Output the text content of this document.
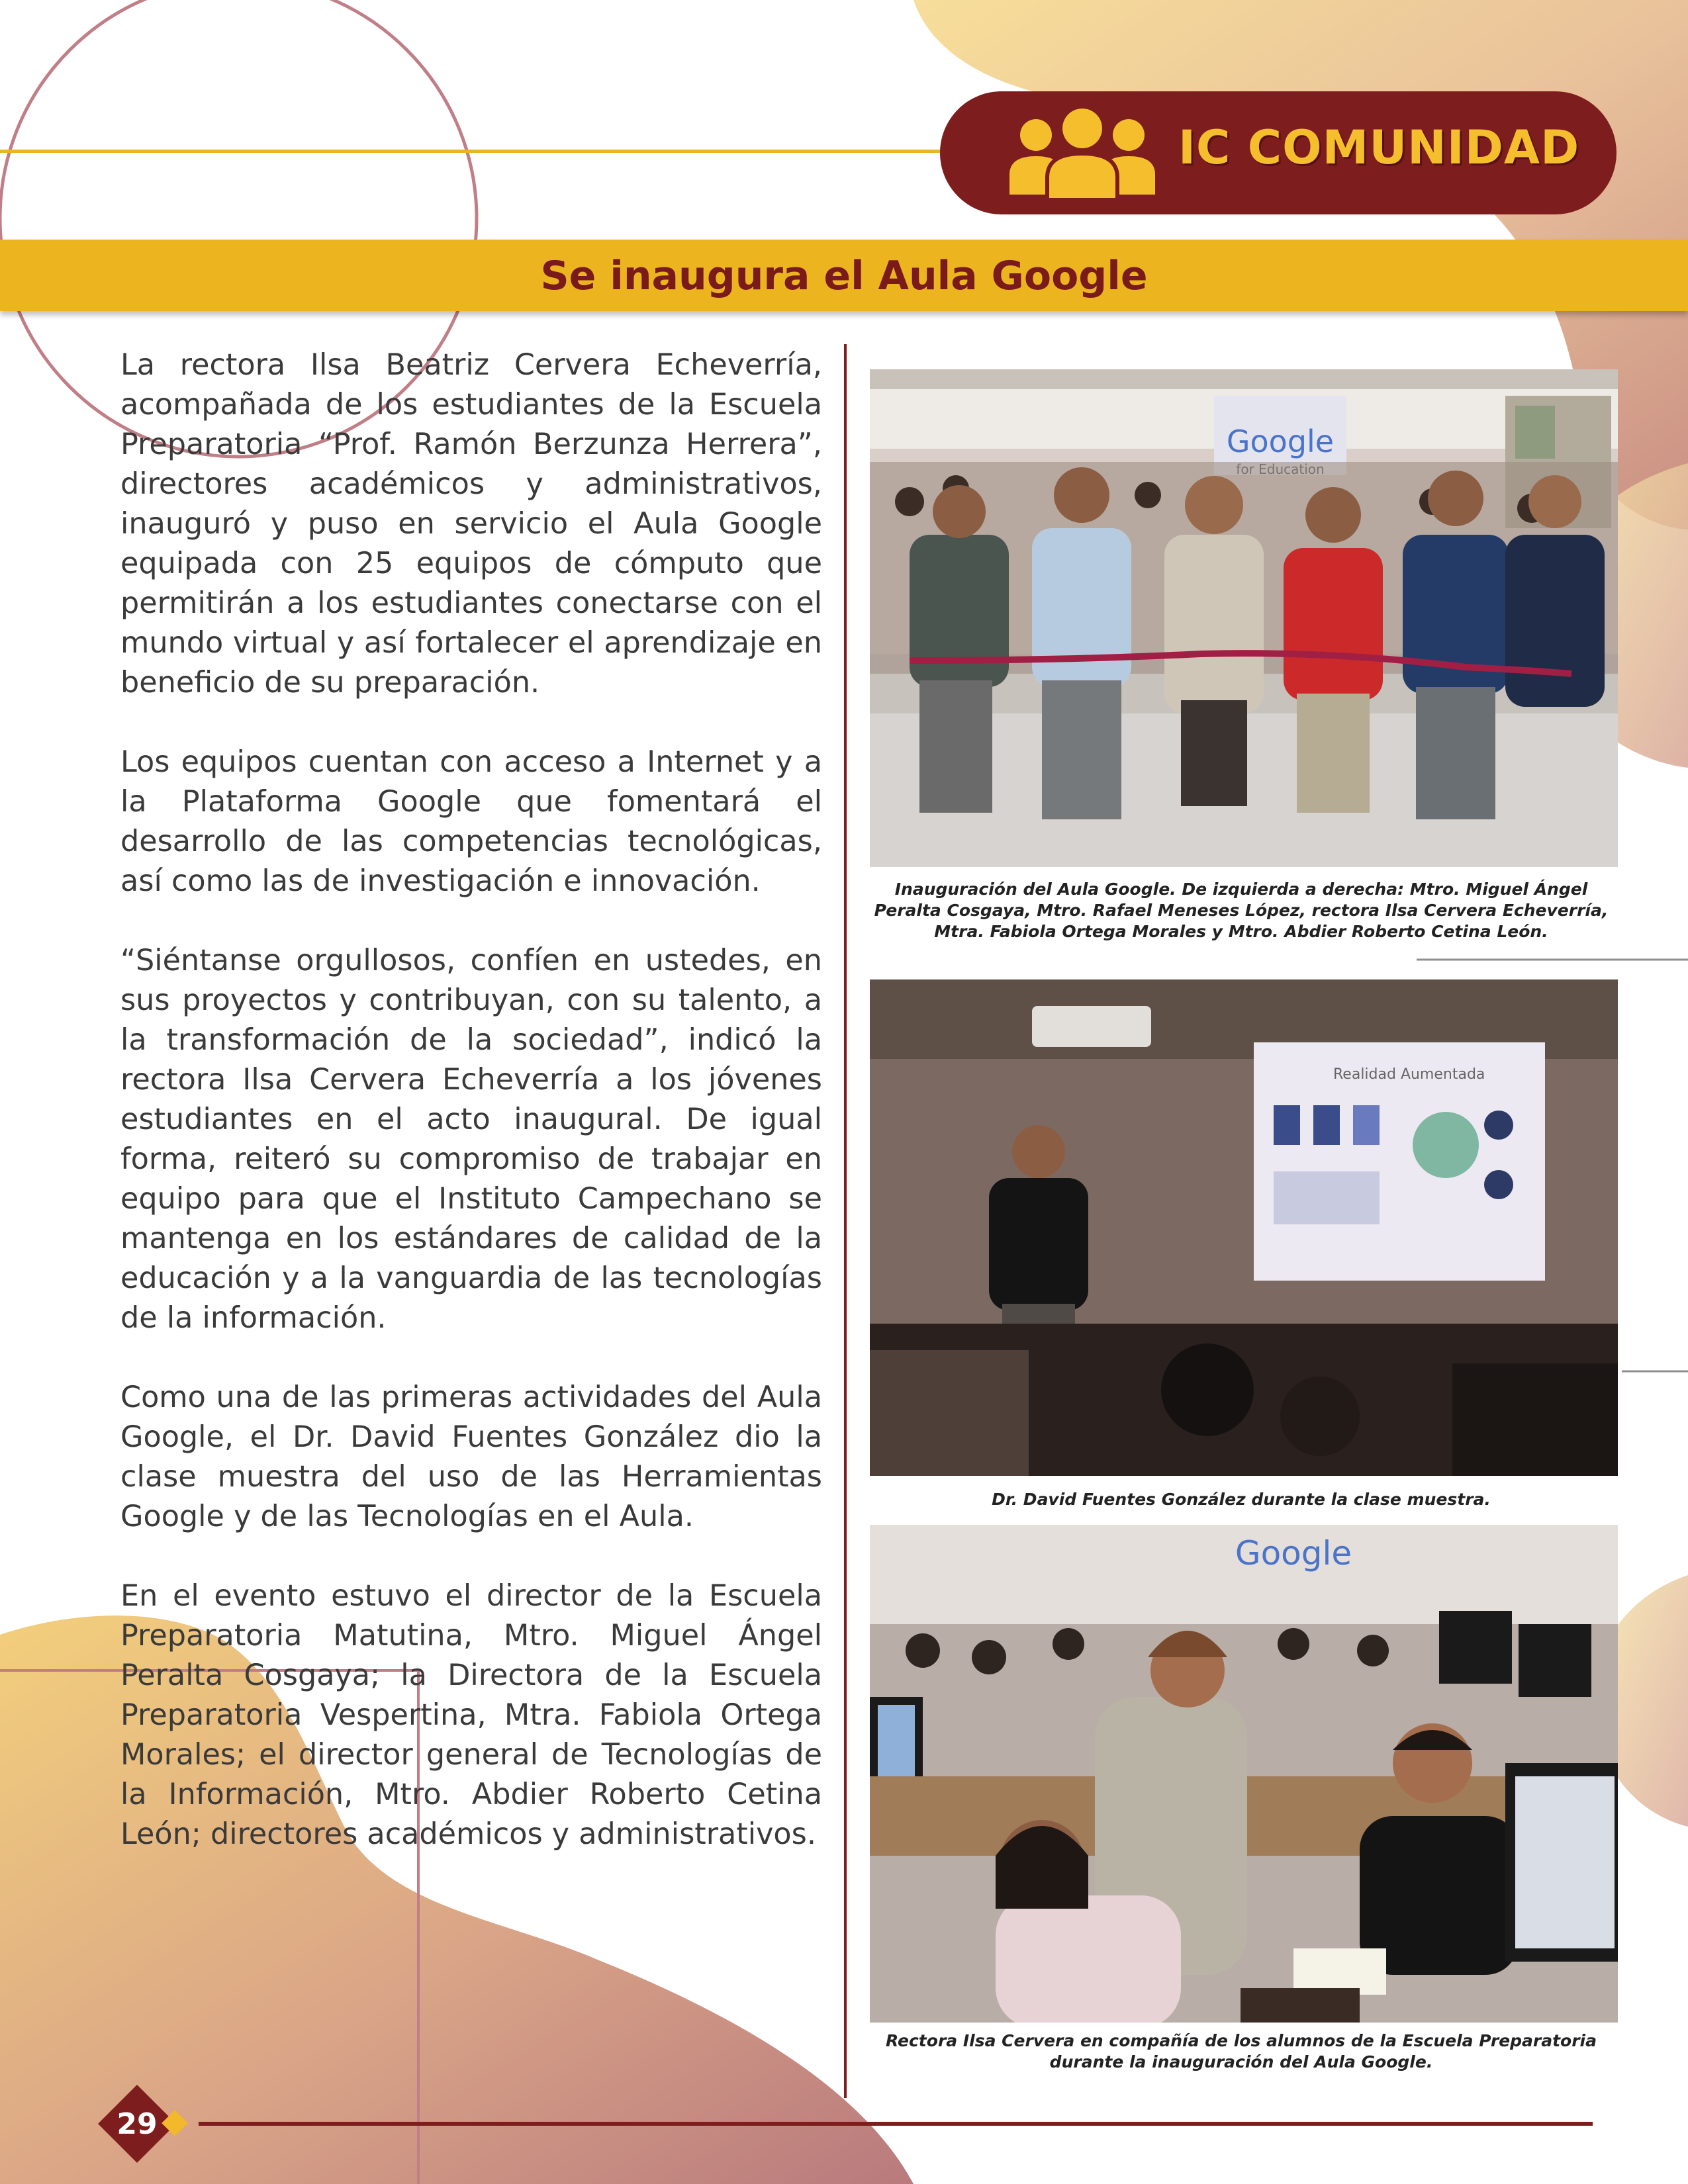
IC COMUNIDAD
Se inaugura el Aula Google

La rectora Ilsa Beatriz Cervera Echeverría, acompañada de los estudiantes de la Escuela Preparatoria “Prof. Ramón Berzunza Herrera”, directores académicos y administrativos, inauguró y puso en servicio el Aula Google equipada con 25 equipos de cómputo que permitirán a los estudiantes conectarse con el mundo virtual y así fortalecer el aprendizaje en beneficio de su preparación.

Los equipos cuentan con acceso a Internet y a la Plataforma Google que fomentará el desarrollo de las competencias tecnológicas, así como las de investigación e innovación.

“Siéntanse orgullosos, confíen en ustedes, en sus proyectos y contribuyan, con su talento, a la transformación de la sociedad”, indicó la rectora Ilsa Cervera Echeverría a los jóvenes estudiantes en el acto inaugural. De igual forma, reiteró su compromiso de trabajar en equipo para que el Instituto Campechano se mantenga en los estándares de calidad de la educación y a la vanguardia de las tecnologías de la información.

Como una de las primeras actividades del Aula Google, el Dr. David Fuentes González dio la clase muestra del uso de las Herramientas Google y de las Tecnologías en el Aula.

En el evento estuvo el director de la Escuela Preparatoria Matutina, Mtro. Miguel Ángel Peralta Cosgaya; la Directora de la Escuela Preparatoria Vespertina, Mtra. Fabiola Ortega Morales; el director general de Tecnologías de la Información, Mtro. Abdier Roberto Cetina León; directores académicos y administrativos.

Google
Inauguración del Aula Google. De izquierda a derecha: Mtro. Miguel Ángel Peralta Cosgaya, Mtro. Rafael Meneses López, rectora Ilsa Cervera Echeverría, Mtra. Fabiola Ortega Morales y Mtro. Abdier Roberto Cetina León.
Realidad Aumentada
Dr. David Fuentes González durante la clase muestra.
Google
Rectora Ilsa Cervera en compañía de los alumnos de la Escuela Preparatoria durante la inauguración del Aula Google.
29
